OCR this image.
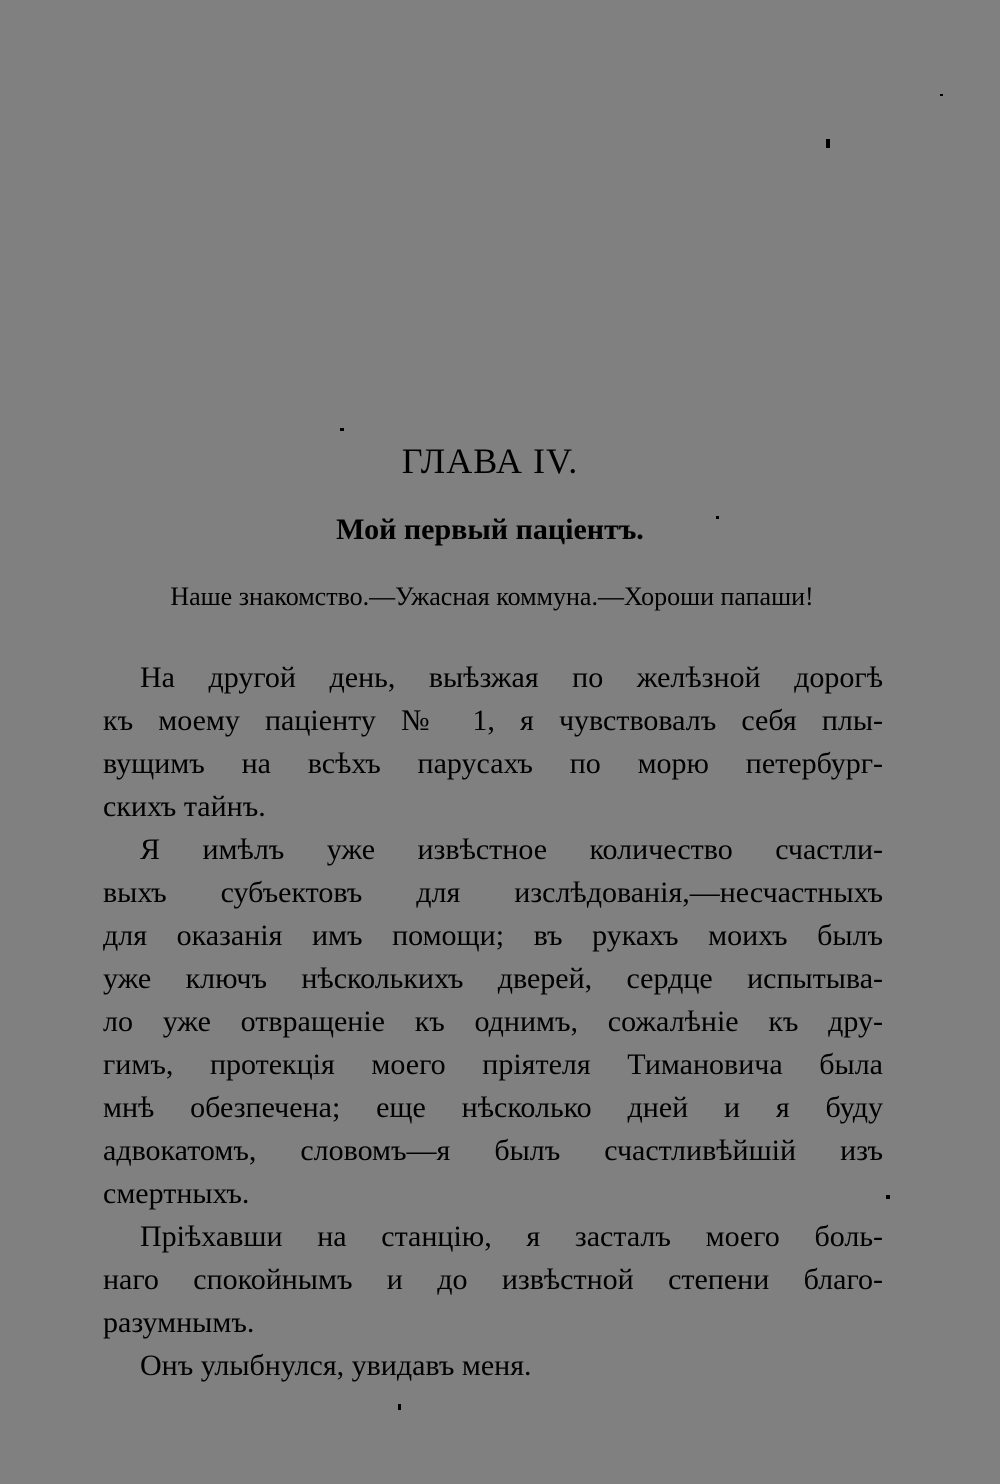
ГЛАВА IV.
Мой первый паціентъ.

Наше знакомство.—Ужасная коммуна.—Хороши папаши!

На другой день, выѣзжая по желѣзной дорогѣ
къ моему паціенту № 1, я чувствовалъ себя плы-
вущимъ на всѣхъ парусахъ по морю петербург-
скихъ тайнъ.
Я имѣлъ уже извѣстное количество счастли-
выхъ субъектовъ для изслѣдованія,—несчастныхъ
для оказанія имъ помощи; въ рукахъ моихъ былъ
уже ключъ нѣсколькихъ дверей, сердце испытыва-
ло уже отвращеніе къ однимъ, сожалѣніе къ дру-
гимъ, протекція моего пріятеля Тимановича была
мнѣ обезпечена; еще нѣсколько дней и я буду
адвокатомъ, словомъ—я былъ счастливѣйшій изъ
смертныхъ.
Пріѣхавши на станцію, я засталъ моего боль-
наго спокойнымъ и до извѣстной степени благо-
разумнымъ.
Онъ улыбнулся, увидавъ меня.
